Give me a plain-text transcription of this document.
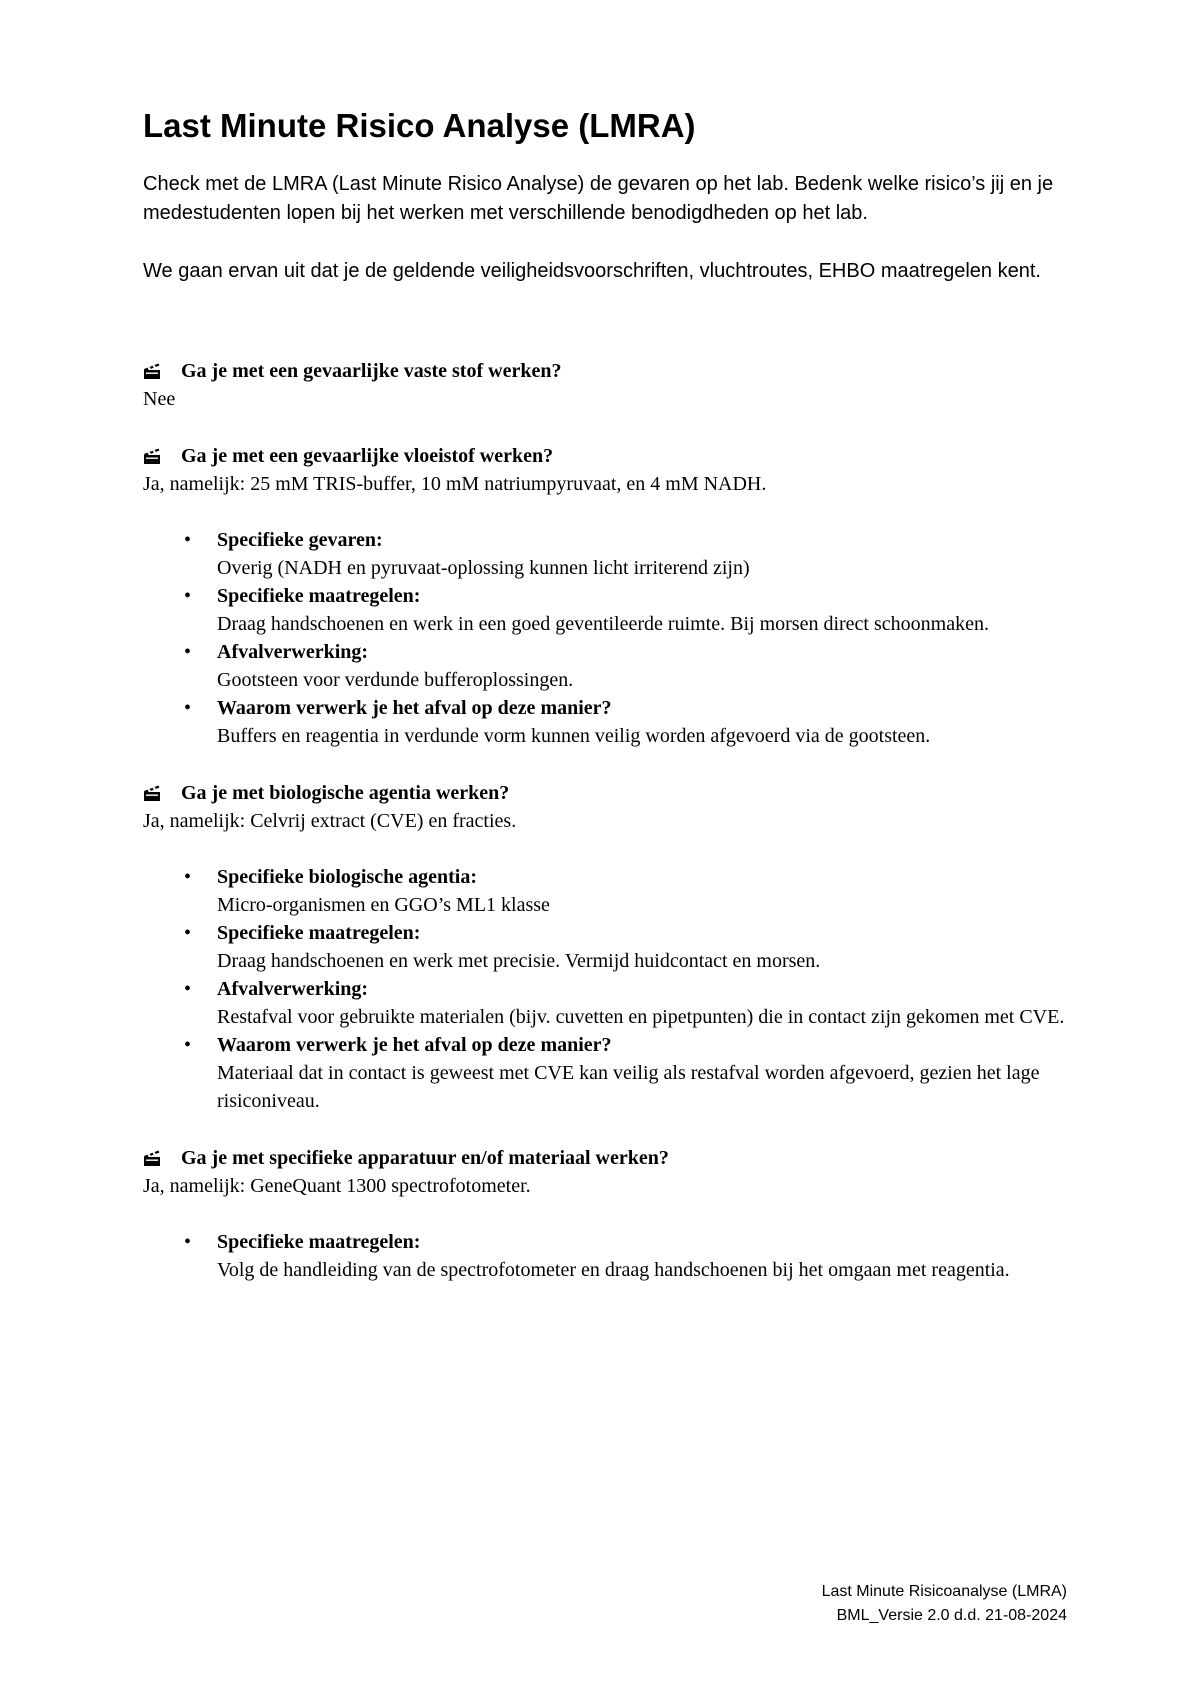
Last Minute Risico Analyse (LMRA)

Check met de LMRA (Last Minute Risico Analyse) de gevaren op het lab. Bedenk welke risico’s jij en je medestudenten lopen bij het werken met verschillende benodigdheden op het lab.

We gaan ervan uit dat je de geldende veiligheidsvoorschriften, vluchtroutes, EHBO maatregelen kent.

Ga je met een gevaarlijke vaste stof werken?
Nee
Ga je met een gevaarlijke vloeistof werken?
Ja, namelijk: 25 mM TRIS-buffer, 10 mM natriumpyruvaat, en 4 mM NADH.
• Specifieke gevaren:
Overig (NADH en pyruvaat-oplossing kunnen licht irriterend zijn)
• Specifieke maatregelen:
Draag handschoenen en werk in een goed geventileerde ruimte. Bij morsen direct schoonmaken.
• Afvalverwerking:
Gootsteen voor verdunde bufferoplossingen.
• Waarom verwerk je het afval op deze manier?
Buffers en reagentia in verdunde vorm kunnen veilig worden afgevoerd via de gootsteen.
Ga je met biologische agentia werken?
Ja, namelijk: Celvrij extract (CVE) en fracties.
• Specifieke biologische agentia:
Micro-organismen en GGO’s ML1 klasse
• Specifieke maatregelen:
Draag handschoenen en werk met precisie. Vermijd huidcontact en morsen.
• Afvalverwerking:
Restafval voor gebruikte materialen (bijv. cuvetten en pipetpunten) die in contact zijn gekomen met CVE.
• Waarom verwerk je het afval op deze manier?
Materiaal dat in contact is geweest met CVE kan veilig als restafval worden afgevoerd, gezien het lage risiconiveau.
Ga je met specifieke apparatuur en/of materiaal werken?
Ja, namelijk: GeneQuant 1300 spectrofotometer.
• Specifieke maatregelen:
Volg de handleiding van de spectrofotometer en draag handschoenen bij het omgaan met reagentia.
Last Minute Risicoanalyse (LMRA)
BML_Versie 2.0 d.d. 21-08-2024
